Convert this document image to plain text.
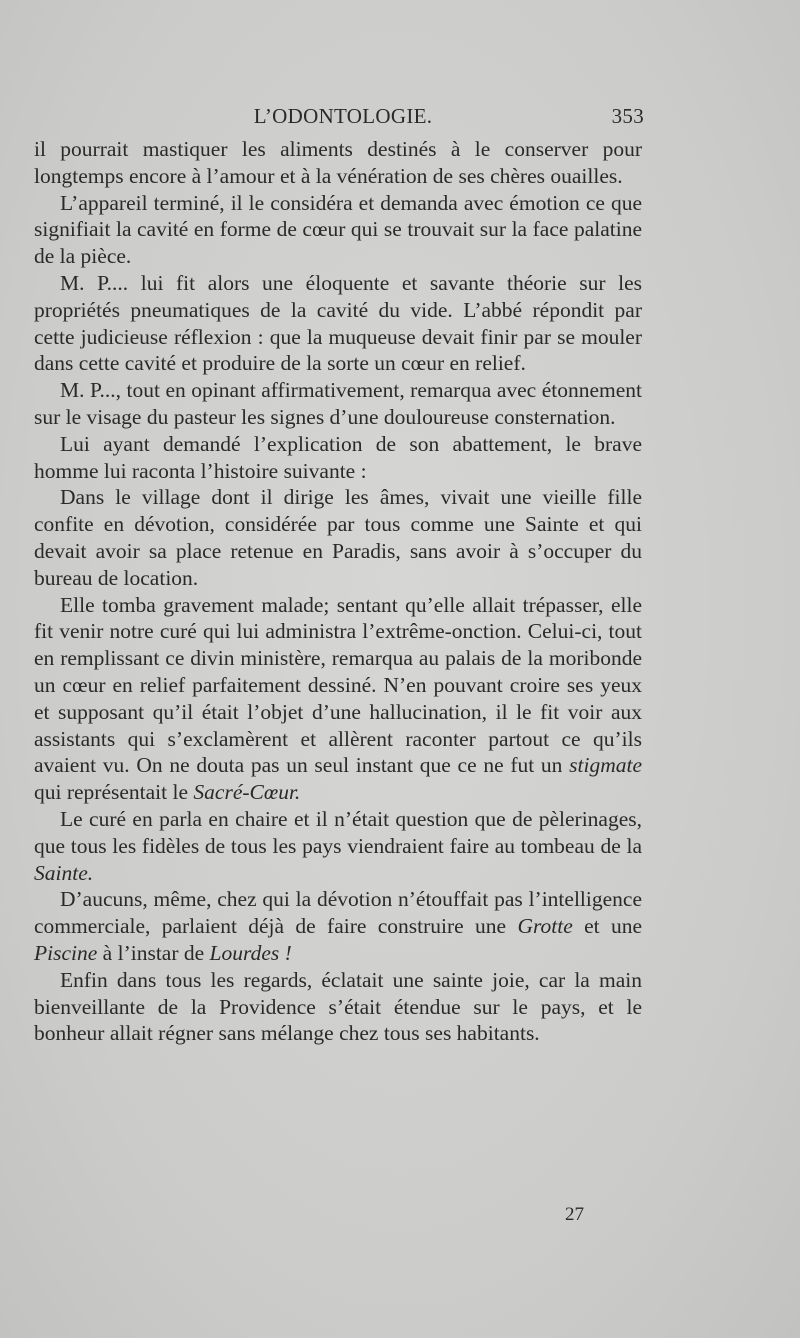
L’ODONTOLOGIE.	353

il pourrait mastiquer les aliments destinés à le conserver pour longtemps encore à l’amour et à la vénération de ses chères ouailles.

L’appareil terminé, il le considéra et demanda avec émotion ce que signifiait la cavité en forme de cœur qui se trouvait sur la face palatine de la pièce.

M. P.... lui fit alors une éloquente et savante théorie sur les propriétés pneumatiques de la cavité du vide. L’abbé répondit par cette judicieuse réflexion : que la muqueuse devait finir par se mouler dans cette cavité et produire de la sorte un cœur en relief.

M. P..., tout en opinant affirmativement, remarqua avec étonnement sur le visage du pasteur les signes d’une douloureuse consternation.

Lui ayant demandé l’explication de son abattement, le brave homme lui raconta l’histoire suivante :

Dans le village dont il dirige les âmes, vivait une vieille fille confite en dévotion, considérée par tous comme une Sainte et qui devait avoir sa place retenue en Paradis, sans avoir à s’occuper du bureau de location.

Elle tomba gravement malade; sentant qu’elle allait trépasser, elle fit venir notre curé qui lui administra l’extrême-onction. Celui-ci, tout en remplissant ce divin ministère, remarqua au palais de la moribonde un cœur en relief parfaitement dessiné. N’en pouvant croire ses yeux et supposant qu’il était l’objet d’une hallucination, il le fit voir aux assistants qui s’exclamèrent et allèrent raconter partout ce qu’ils avaient vu. On ne douta pas un seul instant que ce ne fut un stigmate qui représentait le Sacré-Cœur.

Le curé en parla en chaire et il n’était question que de pèlerinages, que tous les fidèles de tous les pays viendraient faire au tombeau de la Sainte.

D’aucuns, même, chez qui la dévotion n’étouffait pas l’intelligence commerciale, parlaient déjà de faire construire une Grotte et une Piscine à l’instar de Lourdes !

Enfin dans tous les regards, éclatait une sainte joie, car la main bienveillante de la Providence s’était étendue sur le pays, et le bonheur allait régner sans mélange chez tous ses habitants.

27
